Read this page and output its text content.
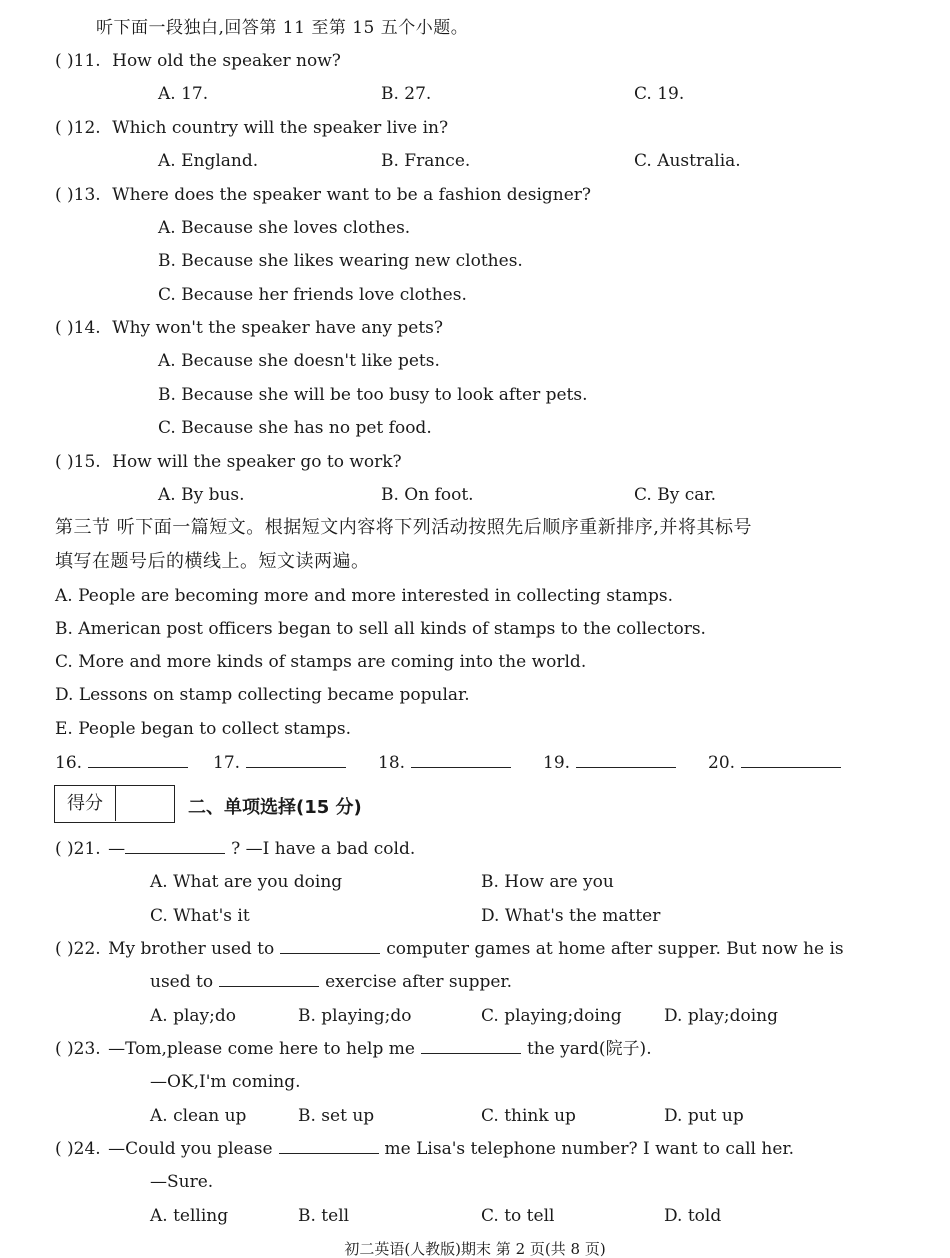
听下面一段独白,回答第 11 至第 15 五个小题。
( )11. How old the speaker now?
A. 17.	B. 27.	C. 19.
( )12. Which country will the speaker live in?
A. England.	B. France.	C. Australia.
( )13. Where does the speaker want to be a fashion designer?
A. Because she loves clothes.
B. Because she likes wearing new clothes.
C. Because her friends love clothes.
( )14. Why won't the speaker have any pets?
A. Because she doesn't like pets.
B. Because she will be too busy to look after pets.
C. Because she has no pet food.
( )15. How will the speaker go to work?
A. By bus.	B. On foot.	C. By car.
第三节 听下面一篇短文。根据短文内容将下列活动按照先后顺序重新排序,并将其标号
填写在题号后的横线上。短文读两遍。
A. People are becoming more and more interested in collecting stamps.
B. American post officers began to sell all kinds of stamps to the collectors.
C. More and more kinds of stamps are coming into the world.
D. Lessons on stamp collecting became popular.
E. People began to collect stamps.
16.	17.	18.	19.	20.
得分	二、单项选择(15 分)
( )21. —	? —I have a bad cold.
A. What are you doing	B. How are you
C. What's it	D. What's the matter
( )22. My brother used to	computer games at home after supper. But now he is
used to	exercise after supper.
A. play;do	B. playing;do	C. playing;doing D. play;doing
( )23. —Tom,please come here to help me	the yard(院子).
—OK,I'm coming.
A. clean up	B. set up	C. think up	D. put up
( )24. —Could you please	me Lisa's telephone number? I want to call her.
—Sure.
A. telling	B. tell	C. to tell	D. told
初二英语(人教版)期末 第 2 页(共 8 页)
